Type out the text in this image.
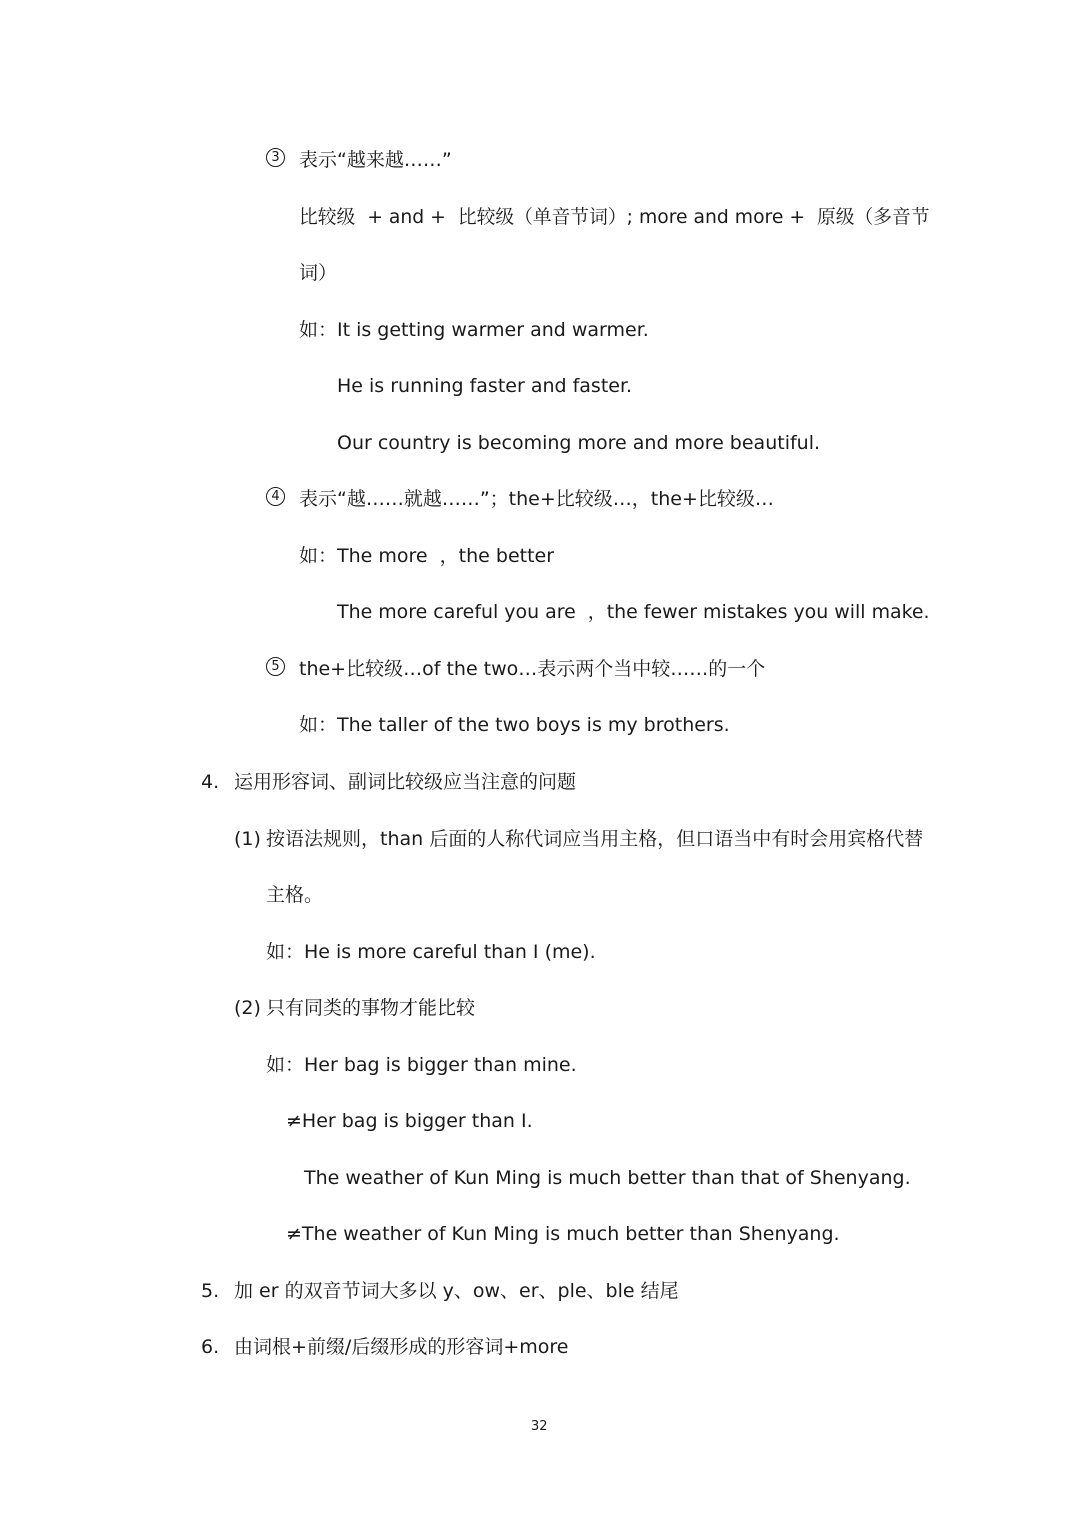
3 表示“越来越……”
比较级  + and +  比较级（单音节词）; more and more +  原级（多音节
词）
如：It is getting warmer and warmer.
He is running faster and faster.
Our country is becoming more and more beautiful.
4 表示“越……就越……”；the+比较级…，the+比较级…
如：The more  ，the better
The more careful you are  ，the fewer mistakes you will make.
5 the+比较级…of the two…表示两个当中较……的一个
如：The taller of the two boys is my brothers.
4. 运用形容词、副词比较级应当注意的问题
(1) 按语法规则，than 后面的人称代词应当用主格，但口语当中有时会用宾格代替
主格。
如：He is more careful than I (me).
(2) 只有同类的事物才能比较
如：Her bag is bigger than mine.
≠Her bag is bigger than I.
The weather of Kun Ming is much better than that of Shenyang.
≠The weather of Kun Ming is much better than Shenyang.
5. 加 er 的双音节词大多以 y、ow、er、ple、ble 结尾
6. 由词根+前缀/后缀形成的形容词+more
32
